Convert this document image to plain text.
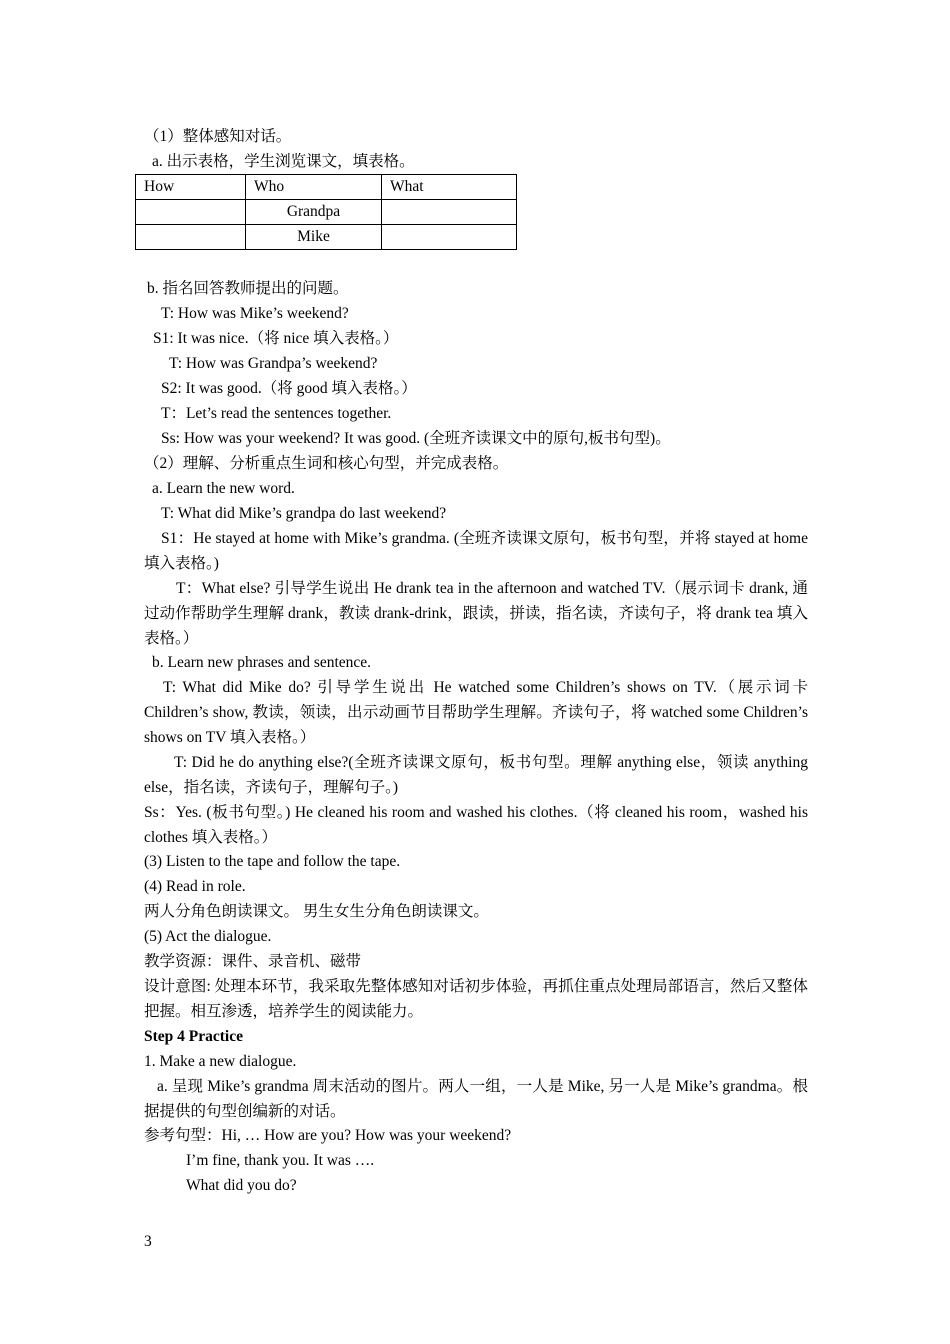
（1）整体感知对话。
a. 出示表格，学生浏览课文，填表格。
How	Who	What
	Grandpa	
	Mike	
b. 指名回答教师提出的问题。
T: How was Mike’s weekend?
S1: It was nice.（将 nice 填入表格。）
T: How was Grandpa’s weekend?
S2: It was good.（将 good 填入表格。）
T：Let’s read the sentences together.
Ss: How was your weekend? It was good. (全班齐读课文中的原句,板书句型)。
（2）理解、分析重点生词和核心句型，并完成表格。
a. Learn the new word.
T: What did Mike’s grandpa do last weekend?
S1：He stayed at home with Mike’s grandma. (全班齐读课文原句，板书句型，并将 stayed at home 填入表格。)
T：What else? 引导学生说出 He drank tea in the afternoon and watched TV.（展示词卡 drank, 通过动作帮助学生理解 drank，教读 drank-drink，跟读，拼读，指名读，齐读句子，将 drank tea 填入表格。）
b. Learn new phrases and sentence.
T: What did Mike do? 引导学生说出 He watched some Children’s shows on TV.（展示词卡 Children’s show, 教读，领读，出示动画节目帮助学生理解。齐读句子，将 watched some Children’s shows on TV 填入表格。）
T: Did he do anything else?(全班齐读课文原句，板书句型。理解 anything else，领读 anything else，指名读，齐读句子，理解句子。)
Ss：Yes. (板书句型。) He cleaned his room and washed his clothes.（将 cleaned his room，washed his clothes 填入表格。）
(3) Listen to the tape and follow the tape.
(4) Read in role.
两人分角色朗读课文。 男生女生分角色朗读课文。
(5) Act the dialogue.
教学资源：课件、录音机、磁带
设计意图: 处理本环节，我采取先整体感知对话初步体验，再抓住重点处理局部语言，然后又整体把握。相互渗透，培养学生的阅读能力。
Step 4 Practice
1. Make a new dialogue.
a. 呈现 Mike’s grandma 周末活动的图片。两人一组，一人是 Mike, 另一人是 Mike’s grandma。根据提供的句型创编新的对话。
参考句型：Hi, … How are you? How was your weekend?
I’m fine, thank you. It was ….
What did you do?
3
